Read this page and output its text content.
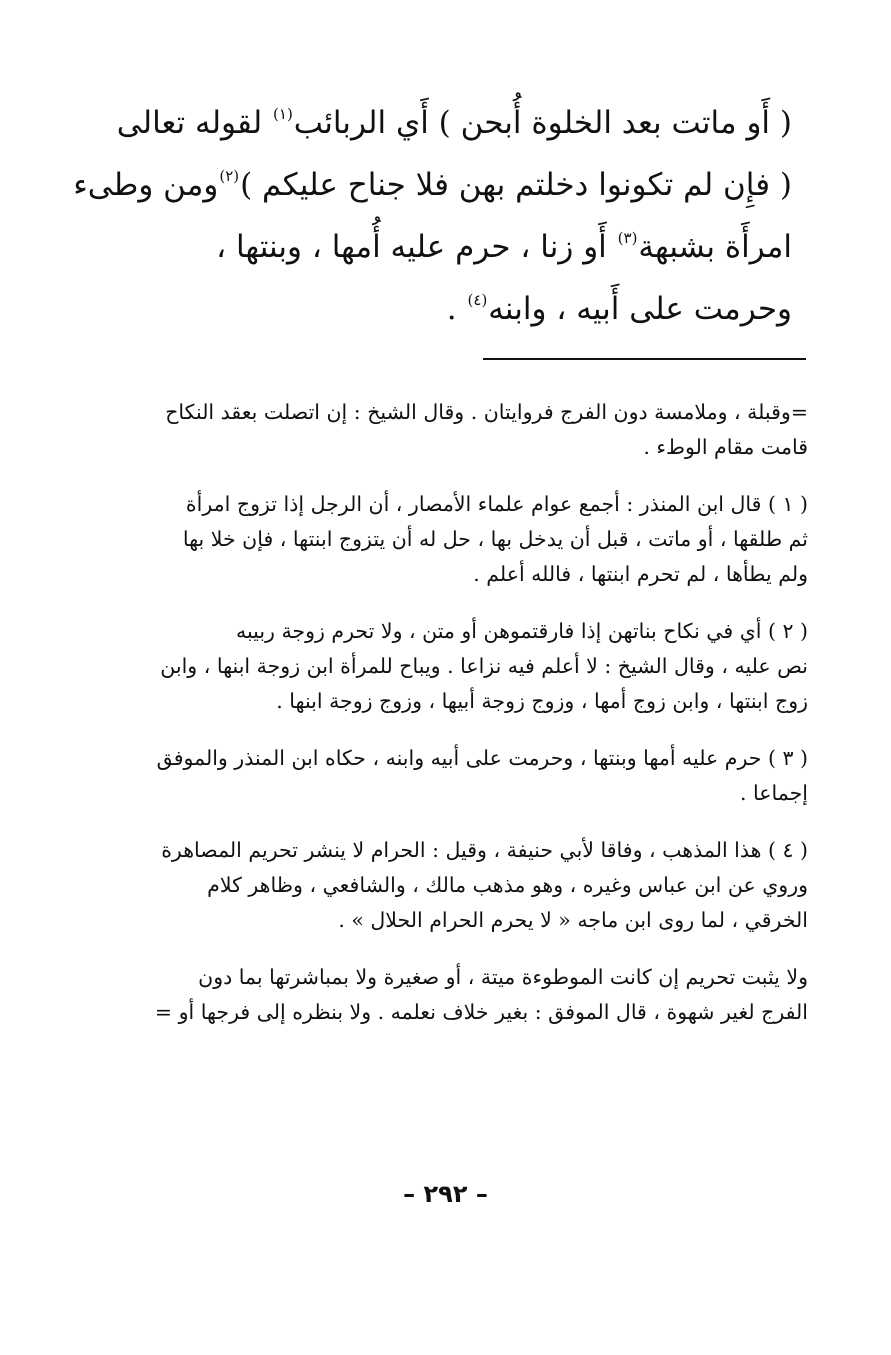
( أَو ماتت بعد الخلوة أُبحن ) أَي الربائب$^{(١)}$ لقوله تعالى
( فإِن لم تكونوا دخلتم بهن فلا جناح عليكم )$^{(٢)}$ومن وطىء
امرأَة بشبهة$^{(٣)}$ أَو زنا ، حرم عليه أُمها ، وبنتها ،
وحرمت على أَبيه ، وابنه$^{(٤)}$ .
=وقبلة ، وملامسة دون الفرج فروايتان . وقال الشيخ : إن اتصلت بعقد النكاح
قامت مقام الوطء .
( ١ ) قال ابن المنذر : أجمع عوام علماء الأمصار ، أن الرجل إذا تزوج امرأة
ثم طلقها ، أو ماتت ، قبل أن يدخل بها ، حل له أن يتزوج ابنتها ، فإن خلا بها
ولم يطأها ، لم تحرم ابنتها ، فالله أعلم .
( ٢ ) أي في نكاح بناتهن إذا فارقتموهن أو متن ، ولا تحرم زوجة ربيبه
نص عليه ، وقال الشيخ : لا أعلم فيه نزاعا . ويباح للمرأة ابن زوجة ابنها ، وابن
زوج ابنتها ، وابن زوج أمها ، وزوج زوجة أبيها ، وزوج زوجة ابنها .
( ٣ ) حرم عليه أمها وبنتها ، وحرمت على أبيه وابنه ، حكاه ابن المنذر والموفق
إجماعا .
( ٤ ) هذا المذهب ، وفاقا لأبي حنيفة ، وقيل : الحرام لا ينشر تحريم المصاهرة
وروي عن ابن عباس وغيره ، وهو مذهب مالك ، والشافعي ، وظاهر كلام
الخرقي ، لما روى ابن ماجه « لا يحرم الحرام الحلال » .
ولا يثبت تحريم إن كانت الموطوءة ميتة ، أو صغيرة ولا بمباشرتها بما دون
الفرج لغير شهوة ، قال الموفق : بغير خلاف نعلمه . ولا بنظره إلى فرجها أو =
– ٢٩٢ –
